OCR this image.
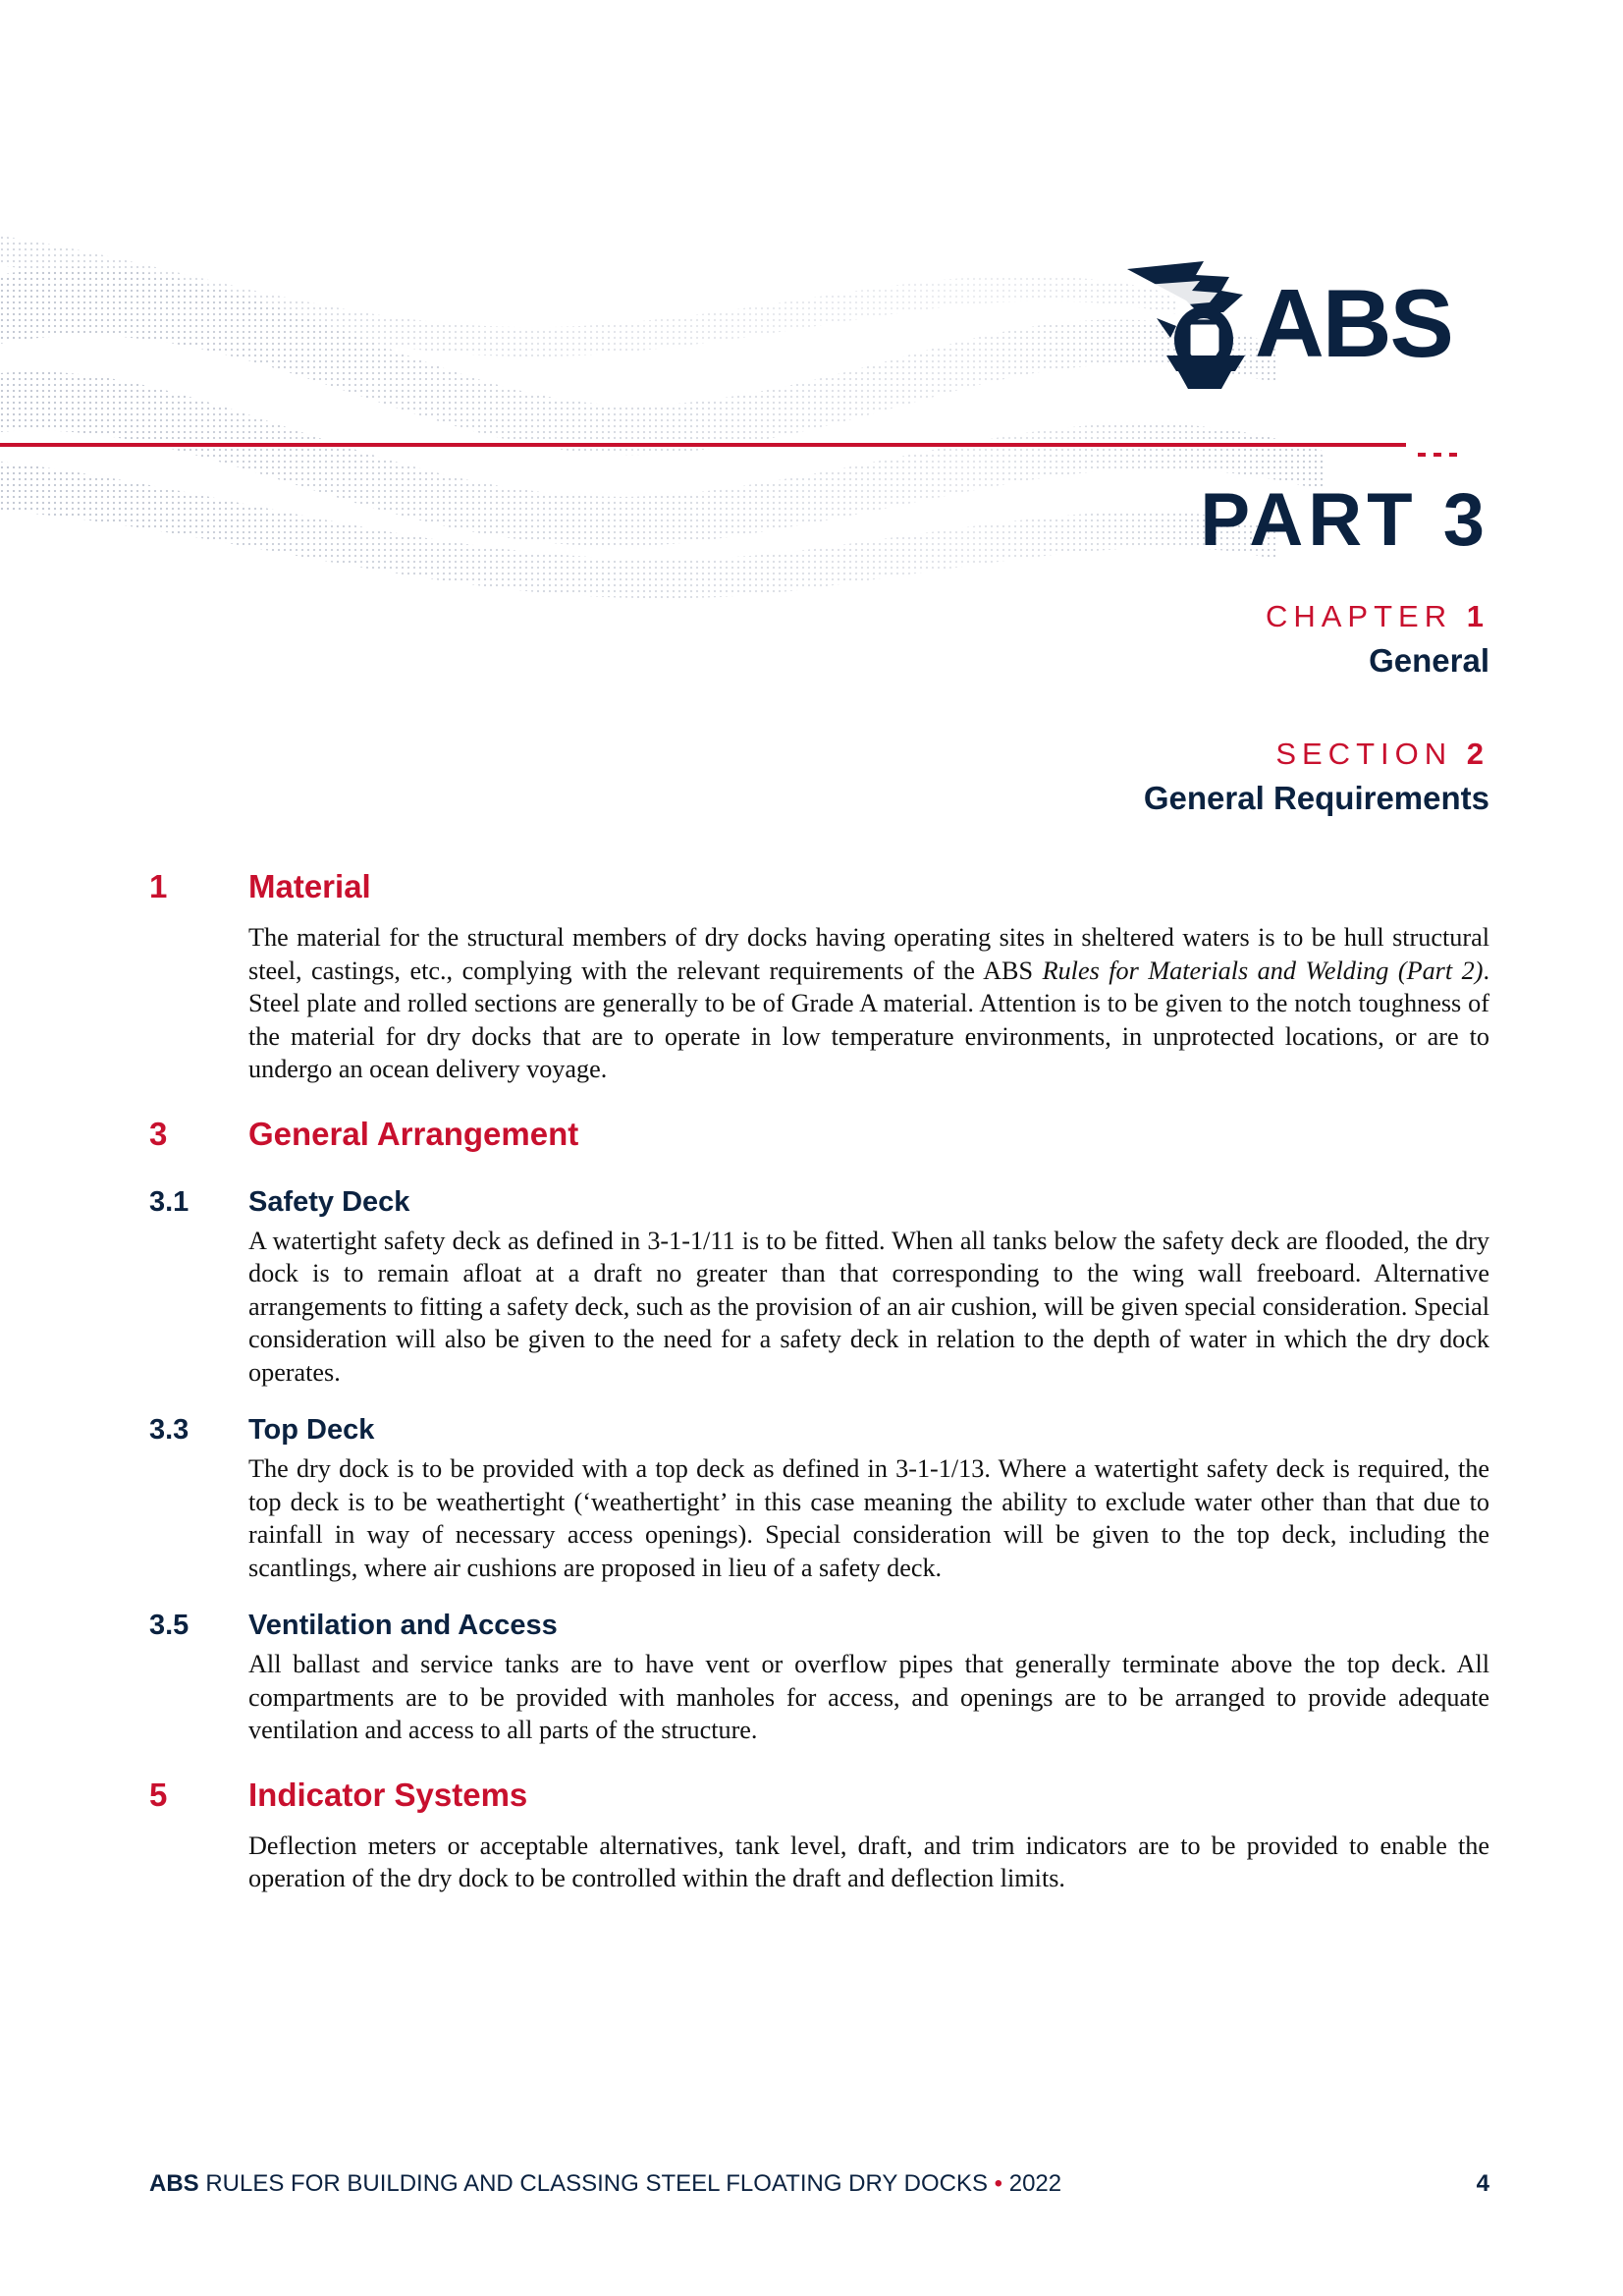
ABS
PART 3
CHAPTER 1
General
SECTION 2
General Requirements
1	Material

The material for the structural members of dry docks having operating sites in sheltered waters is to be hull structural steel, castings, etc., complying with the relevant requirements of the ABS Rules for Materials and Welding (Part 2). Steel plate and rolled sections are generally to be of Grade A material. Attention is to be given to the notch toughness of the material for dry docks that are to operate in low temperature environments, in unprotected locations, or are to undergo an ocean delivery voyage.

3	General Arrangement
3.1	Safety Deck

A watertight safety deck as defined in 3-1-1/11 is to be fitted. When all tanks below the safety deck are flooded, the dry dock is to remain afloat at a draft no greater than that corresponding to the wing wall freeboard. Alternative arrangements to fitting a safety deck, such as the provision of an air cushion, will be given special consideration. Special consideration will also be given to the need for a safety deck in relation to the depth of water in which the dry dock operates.

3.3	Top Deck

The dry dock is to be provided with a top deck as defined in 3-1-1/13. Where a watertight safety deck is required, the top deck is to be weathertight (‘weathertight’ in this case meaning the ability to exclude water other than that due to rainfall in way of necessary access openings). Special consideration will be given to the top deck, including the scantlings, where air cushions are proposed in lieu of a safety deck.

3.5	Ventilation and Access

All ballast and service tanks are to have vent or overflow pipes that generally terminate above the top deck. All compartments are to be provided with manholes for access, and openings are to be arranged to provide adequate ventilation and access to all parts of the structure.

5	Indicator Systems

Deflection meters or acceptable alternatives, tank level, draft, and trim indicators are to be provided to enable the operation of the dry dock to be controlled within the draft and deflection limits.

ABS RULES FOR BUILDING AND CLASSING STEEL FLOATING DRY DOCKS • 2022	4
